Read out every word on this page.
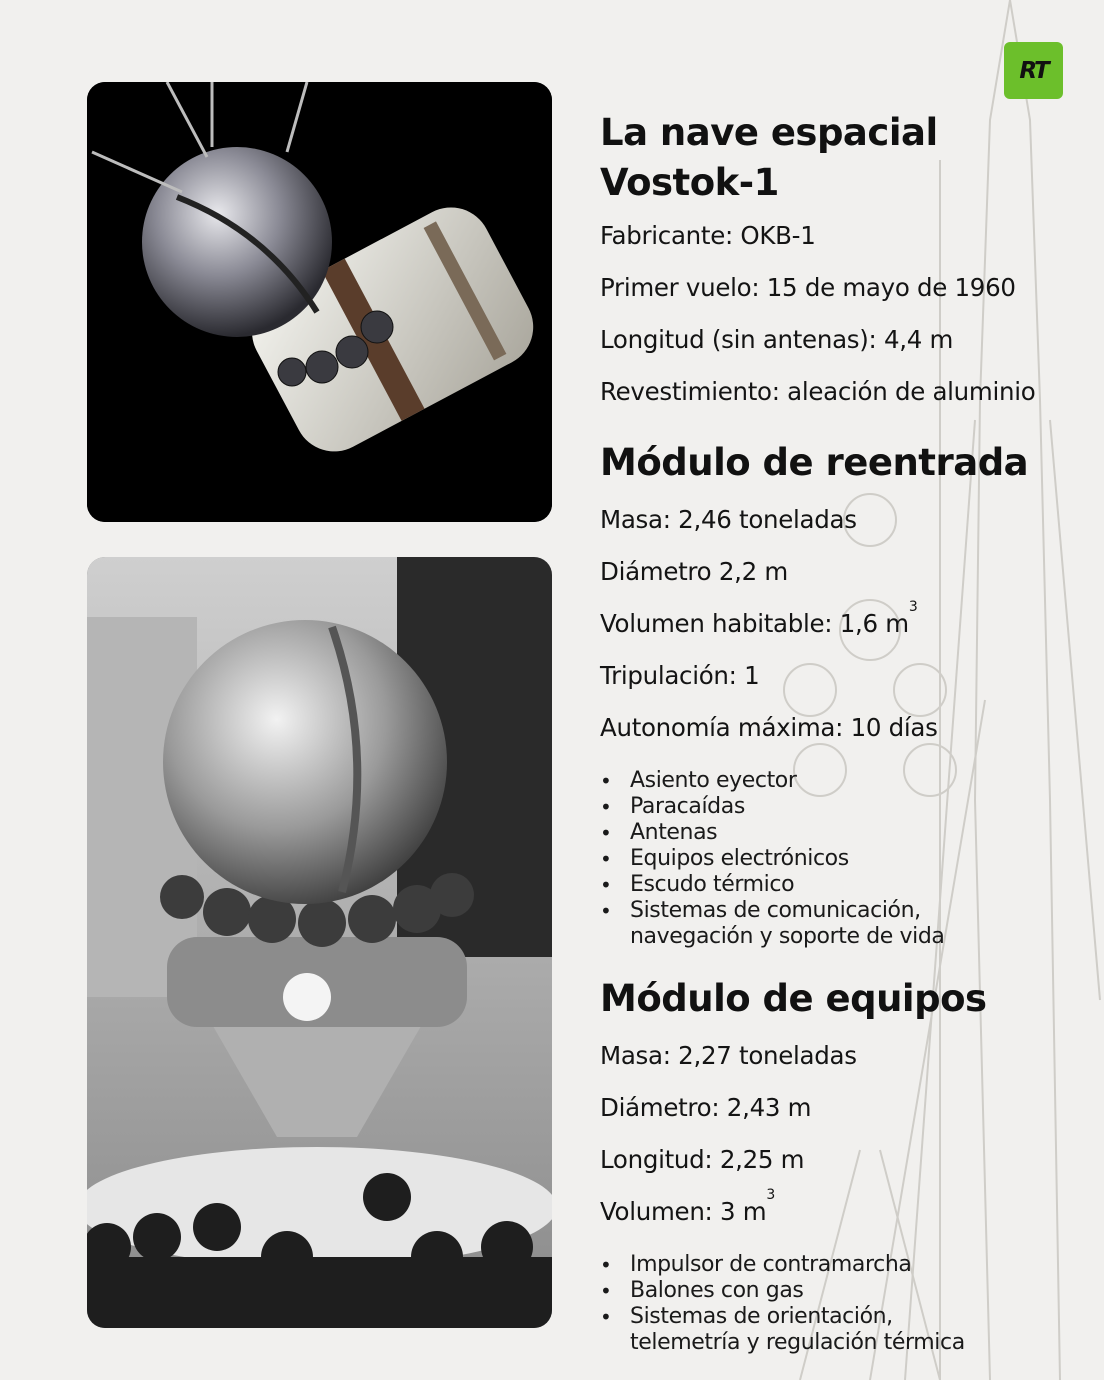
RT
La nave espacial Vostok-1

Fabricante: OKB-1

Primer vuelo: 15 de mayo de 1960

Longitud (sin antenas): 4,4 m

Revestimiento: aleación de aluminio

Módulo de reentrada

Masa: 2,46 toneladas

Diámetro 2,2 m

Volumen habitable: 1,6 $m^3$

Tripulación: 1

Autonomía máxima: 10 días

• Asiento eyector
• Paracaídas
• Antenas
• Equipos electrónicos
• Escudo térmico
• Sistemas de comunicación, navegación y soporte de vida
Módulo de equipos

Masa: 2,27 toneladas

Diámetro: 2,43 m

Longitud: 2,25 m

Volumen: 3 $m^3$

• Impulsor de contramarcha
• Balones con gas
• Sistemas de orientación, telemetría y regulación térmica
